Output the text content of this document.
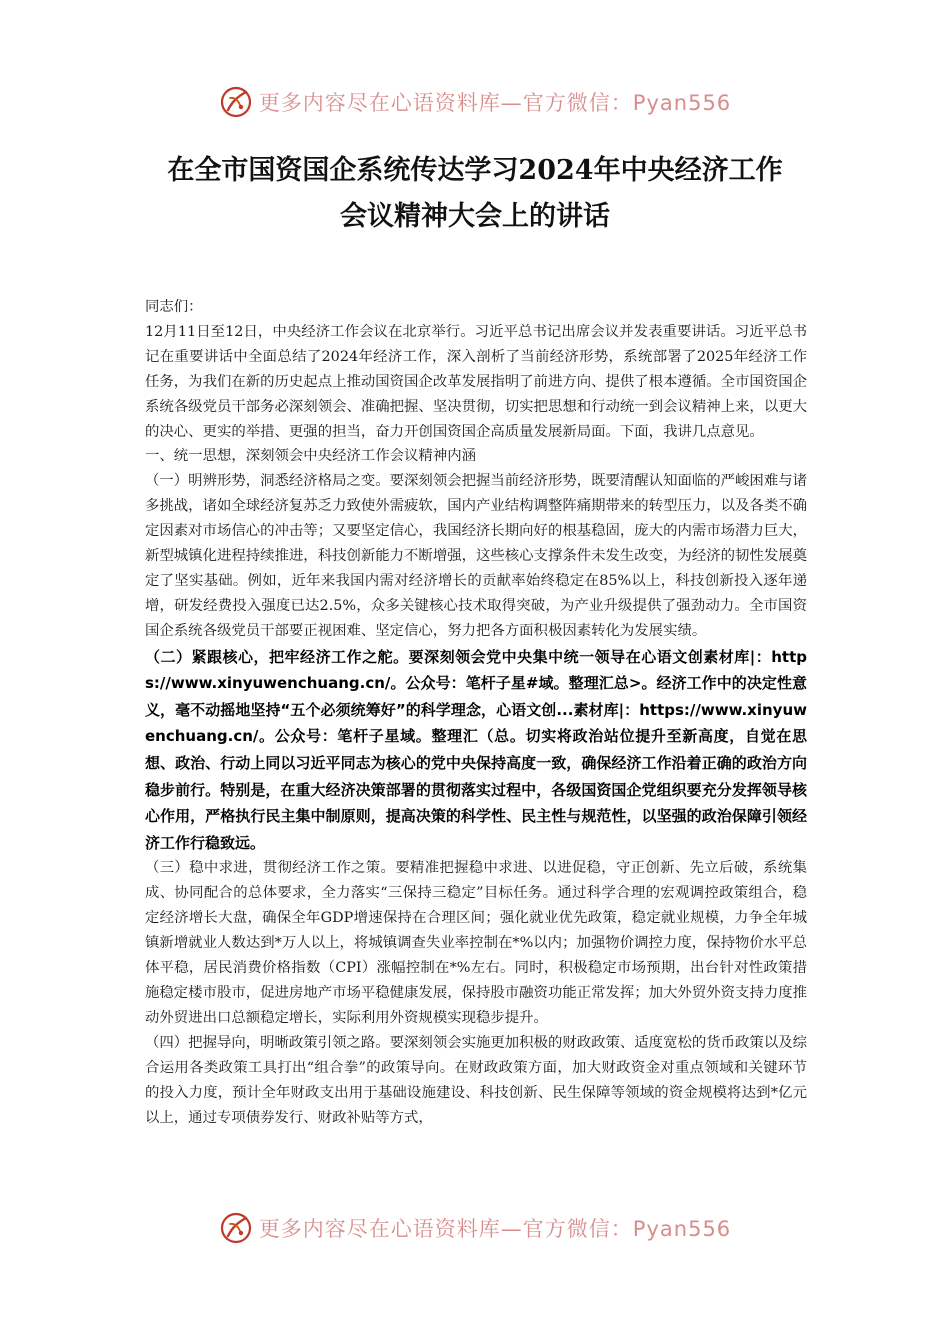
更多内容尽在心语资料库—官方微信：Pyan556
在全市国资国企系统传达学习2024年中央经济工作
会议精神大会上的讲话

同志们：

12月11日至12日，中央经济工作会议在北京举行。习近平总书记出席会议并发表重要讲话。习近平总书记在重要讲话中全面总结了2024年经济工作，深入剖析了当前经济形势，系统部署了2025年经济工作任务，为我们在新的历史起点上推动国资国企改革发展指明了前进方向、提供了根本遵循。全市国资国企系统各级党员干部务必深刻领会、准确把握、坚决贯彻，切实把思想和行动统一到会议精神上来，以更大的决心、更实的举措、更强的担当，奋力开创国资国企高质量发展新局面。下面，我讲几点意见。

一、统一思想，深刻领会中央经济工作会议精神内涵

（一）明辨形势，洞悉经济格局之变。要深刻领会把握当前经济形势，既要清醒认知面临的严峻困难与诸多挑战，诸如全球经济复苏乏力致使外需疲软，国内产业结构调整阵痛期带来的转型压力，以及各类不确定因素对市场信心的冲击等；又要坚定信心，我国经济长期向好的根基稳固，庞大的内需市场潜力巨大，新型城镇化进程持续推进，科技创新能力不断增强，这些核心支撑条件未发生改变，为经济的韧性发展奠定了坚实基础。例如，近年来我国内需对经济增长的贡献率始终稳定在85%以上，科技创新投入逐年递增，研发经费投入强度已达2.5%，众多关键核心技术取得突破，为产业升级提供了强劲动力。全市国资国企系统各级党员干部要正视困难、坚定信心，努力把各方面积极因素转化为发展实绩。

（二）紧跟核心，把牢经济工作之舵。要深刻领会党中央集中统一领导在心语文创素材库|：https://www.xinyuwenchuang.cn/。公众号：笔杆子星#域。整理汇总>。经济工作中的决定性意义，毫不动摇地坚持“五个必须统筹好”的科学理念，心语文创...素材库|：https://www.xinyuwenchuang.cn/。公众号：笔杆子星域。整理汇（总。切实将政治站位提升至新高度，自觉在思想、政治、行动上同以习近平同志为核心的党中央保持高度一致，确保经济工作沿着正确的政治方向稳步前行。特别是，在重大经济决策部署的贯彻落实过程中，各级国资国企党组织要充分发挥领导核心作用，严格执行民主集中制原则，提高决策的科学性、民主性与规范性，以坚强的政治保障引领经济工作行稳致远。

（三）稳中求进，贯彻经济工作之策。要精准把握稳中求进、以进促稳，守正创新、先立后破，系统集成、协同配合的总体要求，全力落实“三保持三稳定”目标任务。通过科学合理的宏观调控政策组合，稳定经济增长大盘，确保全年GDP增速保持在合理区间；强化就业优先政策，稳定就业规模，力争全年城镇新增就业人数达到*万人以上，将城镇调查失业率控制在*%以内；加强物价调控力度，保持物价水平总体平稳，居民消费价格指数（CPI）涨幅控制在*%左右。同时，积极稳定市场预期，出台针对性政策措施稳定楼市股市，促进房地产市场平稳健康发展，保持股市融资功能正常发挥；加大外贸外资支持力度推动外贸进出口总额稳定增长，实际利用外资规模实现稳步提升。

（四）把握导向，明晰政策引领之路。要深刻领会实施更加积极的财政政策、适度宽松的货币政策以及综合运用各类政策工具打出“组合拳”的政策导向。在财政政策方面，加大财政资金对重点领域和关键环节的投入力度，预计全年财政支出用于基础设施建设、科技创新、民生保障等领域的资金规模将达到*亿元以上，通过专项债券发行、财政补贴等方式，

更多内容尽在心语资料库—官方微信：Pyan556
